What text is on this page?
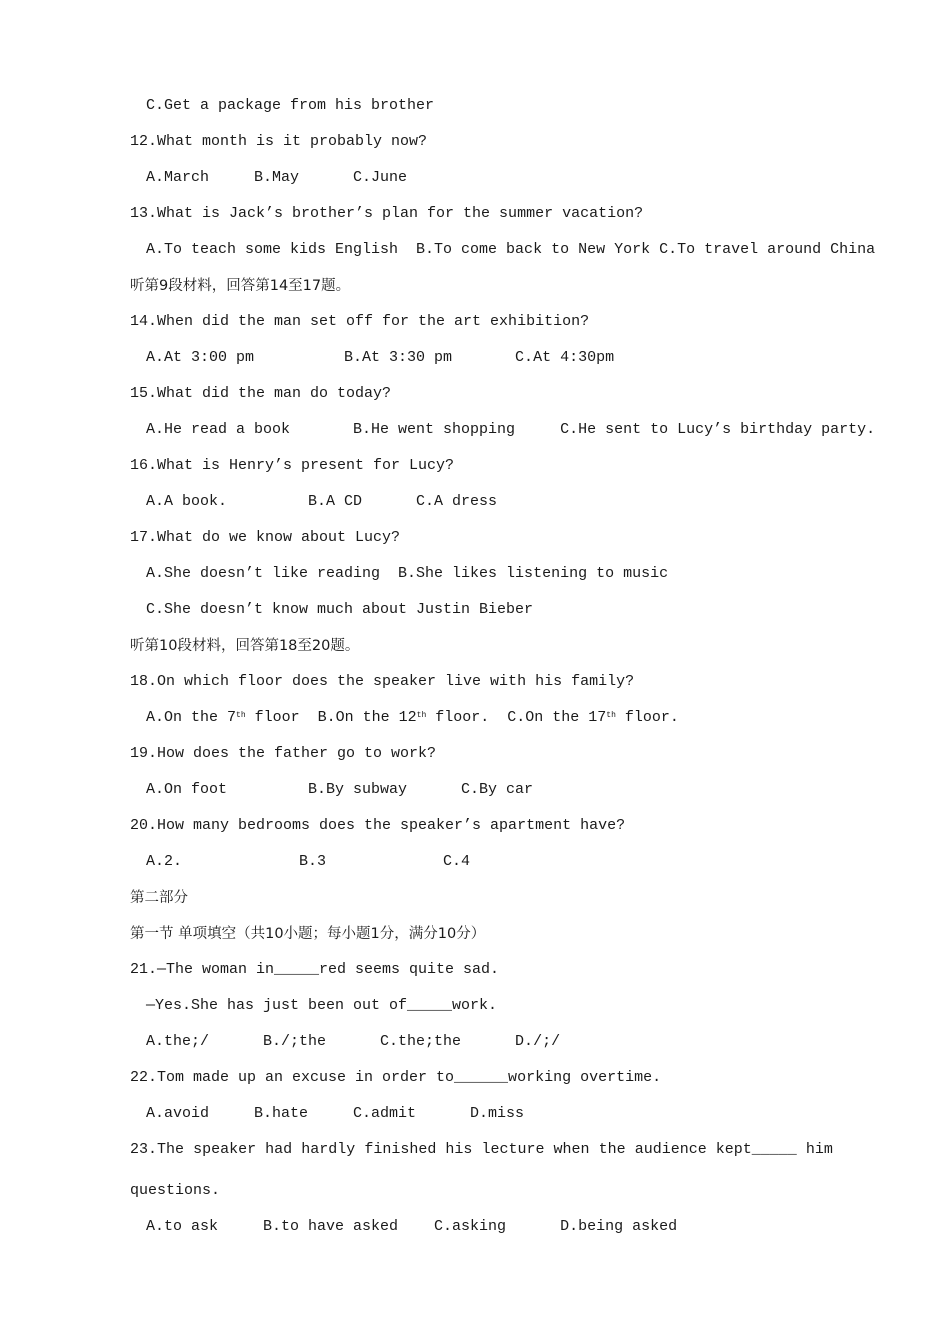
C.Get a package from his brother
12.What month is it probably now?
A.March     B.May      C.June
13.What is Jack’s brother’s plan for the summer vacation?
A.To teach some kids English  B.To come back to New York C.To travel around China
听第9段材料，回答第14至17题。
14.When did the man set off for the art exhibition?
A.At 3:00 pm          B.At 3:30 pm       C.At 4:30pm
15.What did the man do today?
A.He read a book       B.He went shopping     C.He sent to Lucy’s birthday party.
16.What is Henry’s present for Lucy?
A.A book.         B.A CD      C.A dress
17.What do we know about Lucy?
A.She doesn’t like reading  B.She likes listening to music
C.She doesn’t know much about Justin Bieber
听第10段材料，回答第18至20题。
18.On which floor does the speaker live with his family?
A.On the 7th floor  B.On the 12th floor.  C.On the 17th floor.
19.How does the father go to work?
A.On foot         B.By subway      C.By car
20.How many bedrooms does the speaker’s apartment have?
A.2.             B.3             C.4
第二部分
第一节 单项填空（共10小题；每小题1分，满分10分）
21.—The woman in_____red seems quite sad.
—Yes.She has just been out of_____work.
A.the;/      B./;the      C.the;the      D./;/
22.Tom made up an excuse in order to______working overtime.
A.avoid     B.hate     C.admit      D.miss
23.The speaker had hardly finished his lecture when the audience kept_____ him
questions.
A.to ask     B.to have asked    C.asking      D.being asked
